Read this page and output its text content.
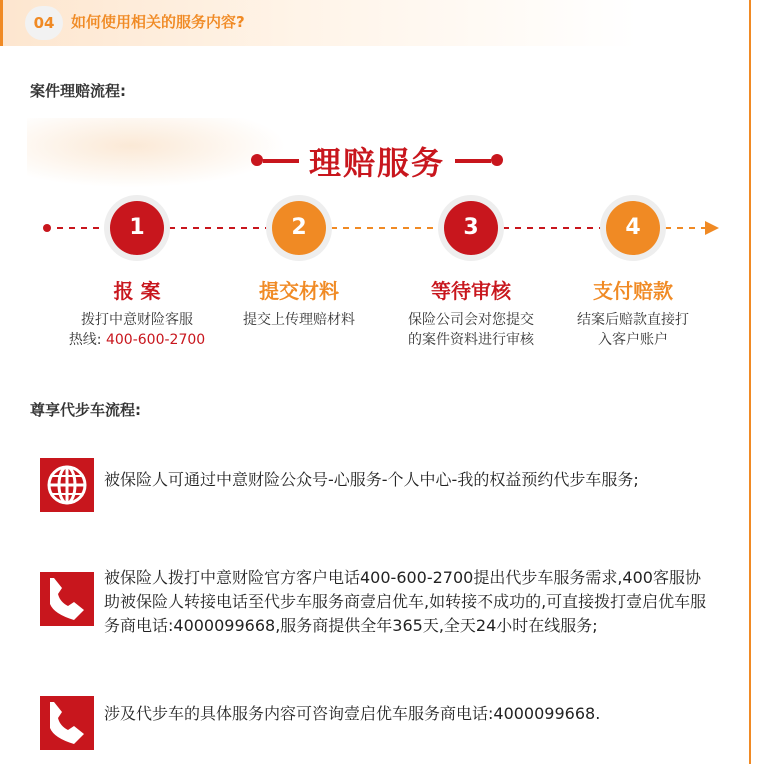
04	如何使用相关的服务内容?
案件理赔流程:
理赔服务
1	2	3	4
报 案	提交材料	等待审核	支付赔款
拨打中意财险客服
热线: 400-600-2700
提交上传理赔材料	保险公司会对您提交
的案件资料进行审核
结案后赔款直接打
入客户账户
尊享代步车流程:
被保险人可通过中意财险公众号-心服务-个人中心-我的权益预约代步车服务;
被保险人拨打中意财险官方客户电话400-600-2700提出代步车服务需求,400客服协助被保险人转接电话至代步车服务商壹启优车,如转接不成功的,可直接拨打壹启优车服务商电话:4000099668,服务商提供全年365天,全天24小时在线服务;
涉及代步车的具体服务内容可咨询壹启优车服务商电话:4000099668.
